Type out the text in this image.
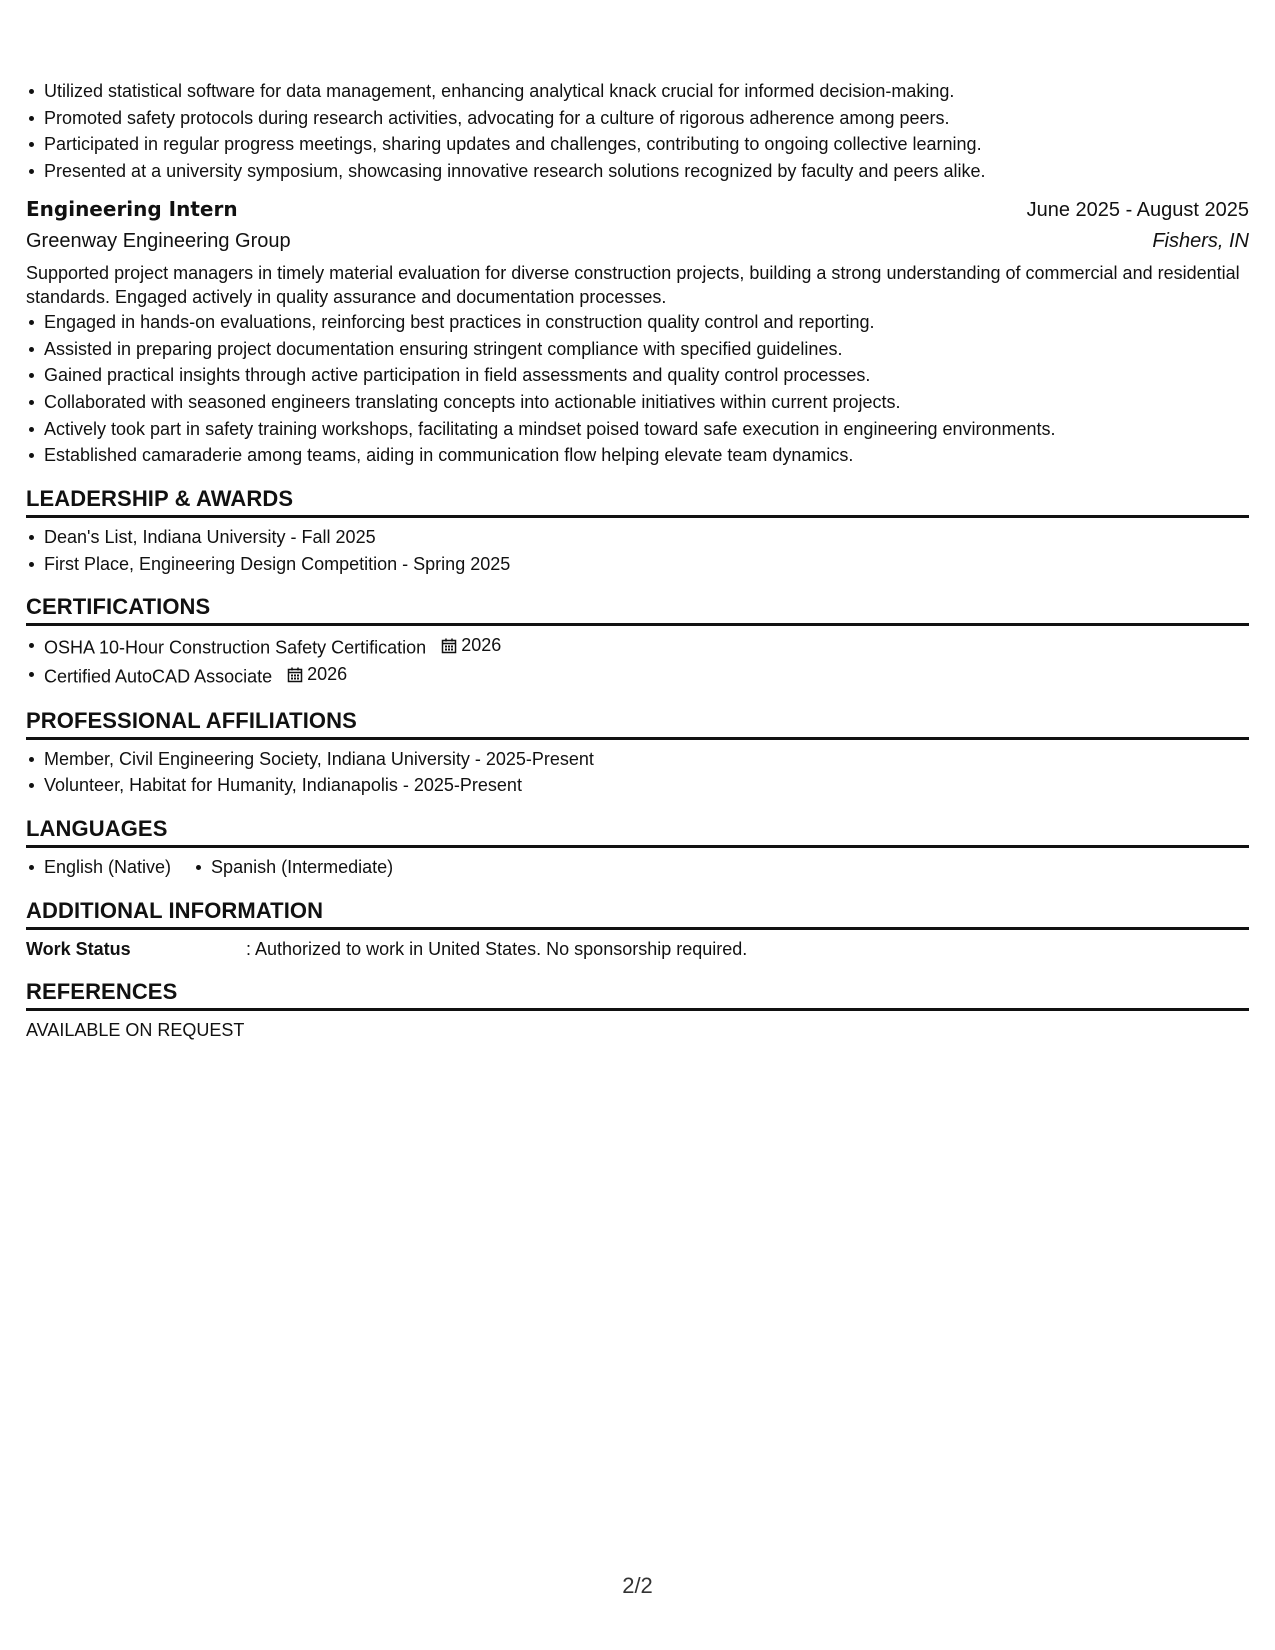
Utilized statistical software for data management, enhancing analytical knack crucial for informed decision-making.
Promoted safety protocols during research activities, advocating for a culture of rigorous adherence among peers.
Participated in regular progress meetings, sharing updates and challenges, contributing to ongoing collective learning.
Presented at a university symposium, showcasing innovative research solutions recognized by faculty and peers alike.
Engineering Intern	June 2025 - August 2025
Greenway Engineering Group	Fishers, IN
Supported project managers in timely material evaluation for diverse construction projects, building a strong understanding of commercial and residential standards. Engaged actively in quality assurance and documentation processes.
Engaged in hands-on evaluations, reinforcing best practices in construction quality control and reporting.
Assisted in preparing project documentation ensuring stringent compliance with specified guidelines.
Gained practical insights through active participation in field assessments and quality control processes.
Collaborated with seasoned engineers translating concepts into actionable initiatives within current projects.
Actively took part in safety training workshops, facilitating a mindset poised toward safe execution in engineering environments.
Established camaraderie among teams, aiding in communication flow helping elevate team dynamics.
LEADERSHIP & AWARDS
Dean's List, Indiana University - Fall 2025
First Place, Engineering Design Competition - Spring 2025
CERTIFICATIONS
OSHA 10-Hour Construction Safety Certification 2026
Certified AutoCAD Associate 2026
PROFESSIONAL AFFILIATIONS
Member, Civil Engineering Society, Indiana University - 2025-Present
Volunteer, Habitat for Humanity, Indianapolis - 2025-Present
LANGUAGES
English (Native) Spanish (Intermediate)
ADDITIONAL INFORMATION
Work Status	: Authorized to work in United States. No sponsorship required.
REFERENCES
AVAILABLE ON REQUEST
2/2
